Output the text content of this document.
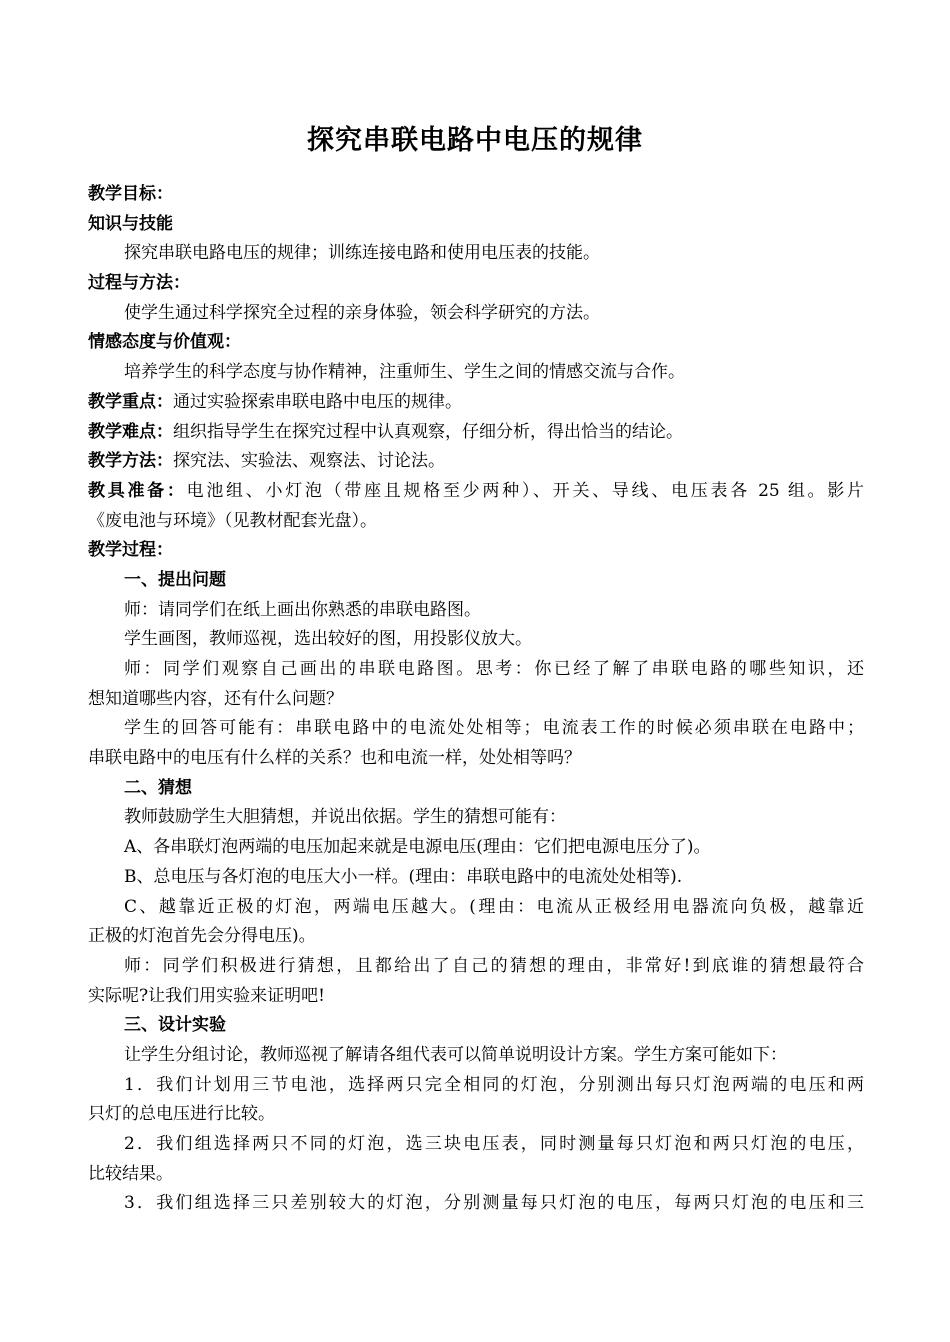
探究串联电路中电压的规律
教学目标：
知识与技能
探究串联电路电压的规律；训练连接电路和使用电压表的技能。
过程与方法：
使学生通过科学探究全过程的亲身体验，领会科学研究的方法。
情感态度与价值观：
培养学生的科学态度与协作精神，注重师生、学生之间的情感交流与合作。
教学重点：通过实验探索串联电路中电压的规律。
教学难点：组织指导学生在探究过程中认真观察，仔细分析，得出恰当的结论。
教学方法：探究法、实验法、观察法、讨论法。
教具准备：电池组、小灯泡（带座且规格至少两种）、开关、导线、电压表各 25 组。影片
《废电池与环境》（见教材配套光盘）。
教学过程：
一、提出问题
师：请同学们在纸上画出你熟悉的串联电路图。
学生画图，教师巡视，选出较好的图，用投影仪放大。
师：同学们观察自己画出的串联电路图。思考：你已经了解了串联电路的哪些知识，还
想知道哪些内容，还有什么问题？
学生的回答可能有：串联电路中的电流处处相等；电流表工作的时候必须串联在电路中；
串联电路中的电压有什么样的关系？也和电流一样，处处相等吗？
二、猜想
教师鼓励学生大胆猜想，并说出依据。学生的猜想可能有：
A、各串联灯泡两端的电压加起来就是电源电压(理由：它们把电源电压分了)。
B、总电压与各灯泡的电压大小一样。(理由：串联电路中的电流处处相等).
C、越靠近正极的灯泡，两端电压越大。(理由：电流从正极经用电器流向负极，越靠近
正极的灯泡首先会分得电压)。
师：同学们积极进行猜想，且都给出了自己的猜想的理由，非常好!到底谁的猜想最符合
实际呢?让我们用实验来证明吧!
三、设计实验
让学生分组讨论，教师巡视了解请各组代表可以简单说明设计方案。学生方案可能如下：
1．我们计划用三节电池，选择两只完全相同的灯泡，分别测出每只灯泡两端的电压和两
只灯的总电压进行比较。
2．我们组选择两只不同的灯泡，选三块电压表，同时测量每只灯泡和两只灯泡的电压，
比较结果。
3．我们组选择三只差别较大的灯泡，分别测量每只灯泡的电压，每两只灯泡的电压和三
